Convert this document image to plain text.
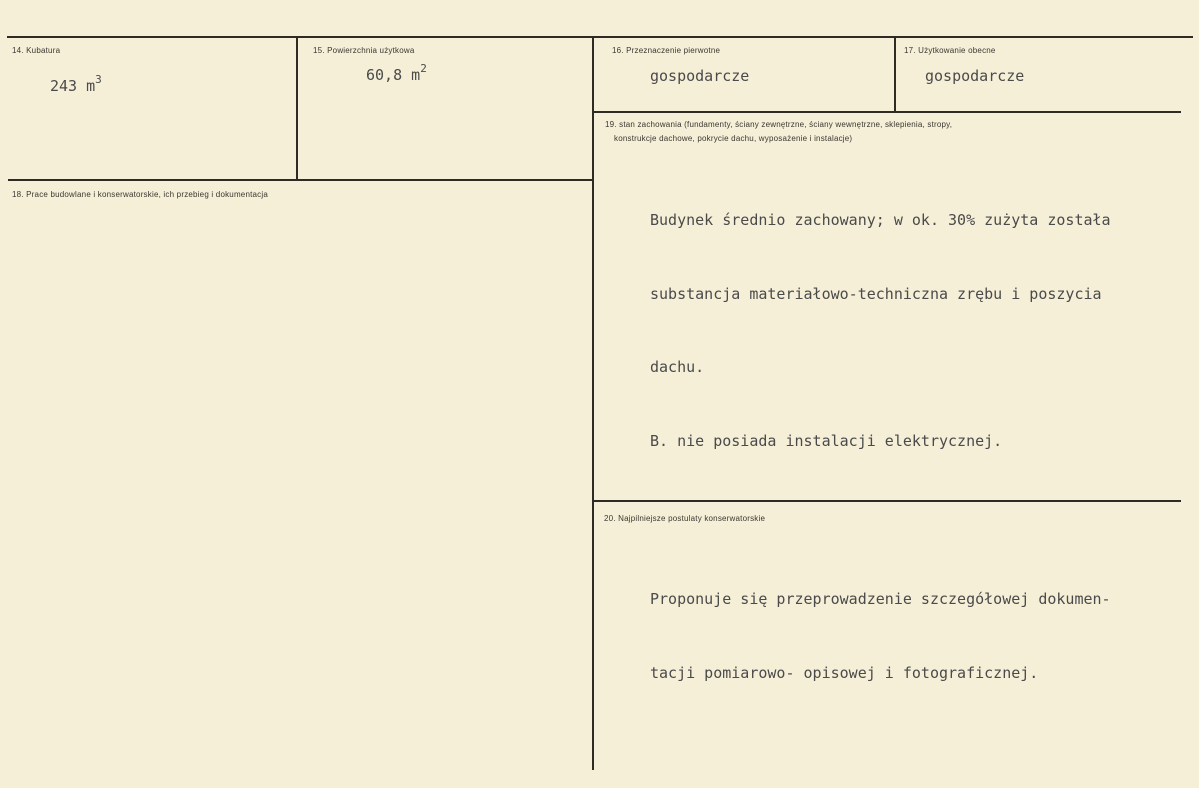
14. Kubatura
243 $m^3$
15. Powierzchnia użytkowa
60,8 $m^2$
16. Przeznaczenie pierwotne
gospodarcze
17. Użytkowanie obecne
gospodarcze
18. Prace budowlane i konserwatorskie, ich przebieg i dokumentacja
19. stan zachowania (fundamenty, ściany zewnętrzne, ściany wewnętrzne, sklepienia, stropy,
konstrukcje dachowe, pokrycie dachu, wyposażenie i instalacje)

Budynek średnio zachowany; w ok. 30% zużyta została

substancja materiałowo-techniczna zrębu i poszycia

dachu.

B. nie posiada instalacji elektrycznej.

20. Najpilniejsze postulaty konserwatorskie

Proponuje się przeprowadzenie szczegółowej dokumen-

tacji pomiarowo- opisowej i fotograficznej.
